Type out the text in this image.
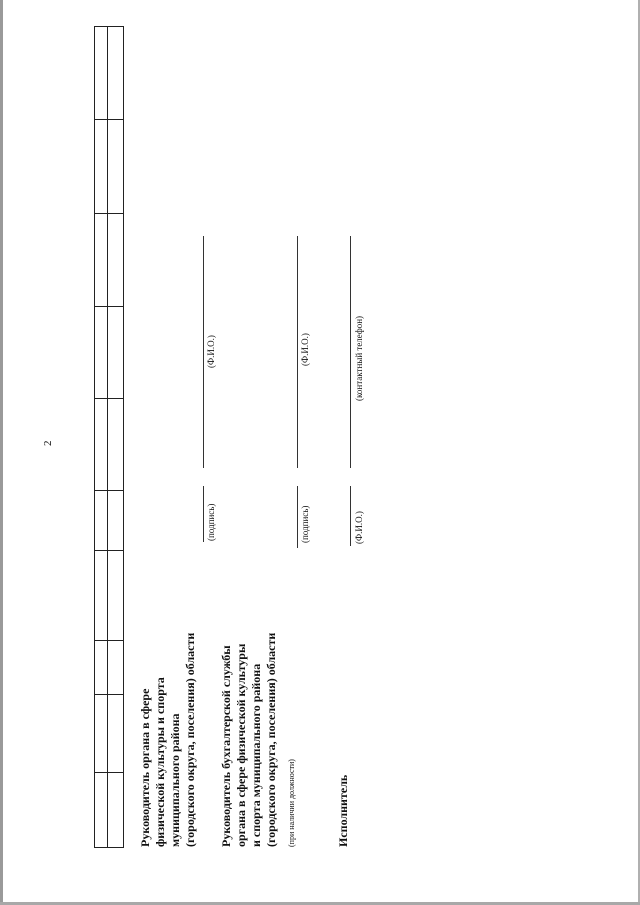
2
Руководитель органа в сфере физической культуры и спорта муниципального района (городского округа, поселения) области Руководитель бухгалтерской службы органа в сфере физической культуры и спорта муниципального района (городского округа, поселения) области (при наличии должности)	Исполнитель
(подпись)
(Ф.И.О.)
(подпись)
(Ф.И.О.)
(Ф.И.О.)
(контактный телефон)
